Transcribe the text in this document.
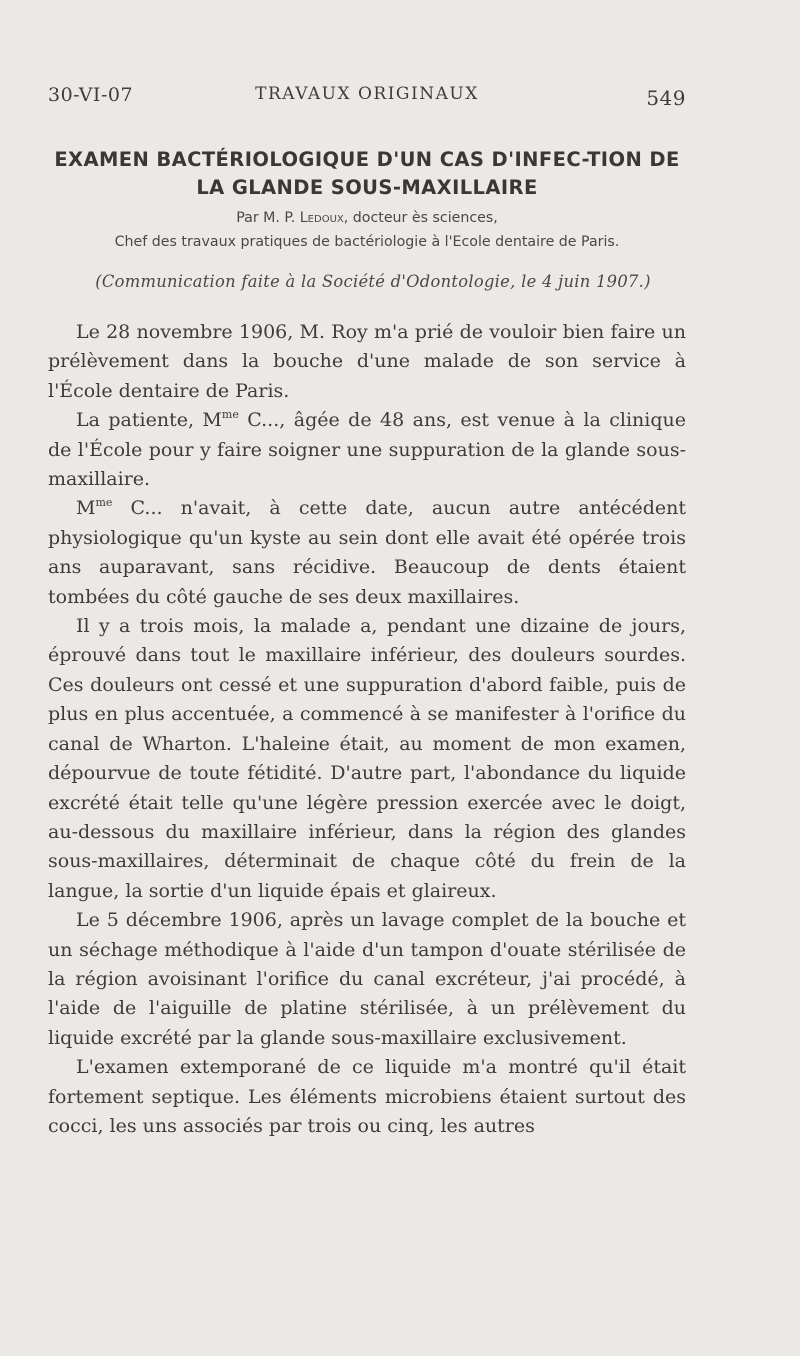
30-VI-07	TRAVAUX ORIGINAUX	549
EXAMEN BACTÉRIOLOGIQUE D'UN CAS D'INFEC-TION DE LA GLANDE SOUS-MAXILLAIRE
Par M. P. Ledoux, docteur ès sciences,
Chef des travaux pratiques de bactériologie à l'Ecole dentaire de Paris.
(Communication faite à la Société d'Odontologie, le 4 juin 1907.)

Le 28 novembre 1906, M. Roy m'a prié de vouloir bien faire un prélèvement dans la bouche d'une malade de son service à l'École dentaire de Paris.

La patiente, $M^{me}$ C..., âgée de 48 ans, est venue à la clinique de l'École pour y faire soigner une suppuration de la glande sous-maxillaire.

$M^{me}$ C... n'avait, à cette date, aucun autre antécédent physiologique qu'un kyste au sein dont elle avait été opérée trois ans auparavant, sans récidive. Beaucoup de dents étaient tombées du côté gauche de ses deux maxillaires.

Il y a trois mois, la malade a, pendant une dizaine de jours, éprouvé dans tout le maxillaire inférieur, des douleurs sourdes. Ces douleurs ont cessé et une suppuration d'abord faible, puis de plus en plus accentuée, a commencé à se manifester à l'orifice du canal de Wharton. L'haleine était, au moment de mon examen, dépourvue de toute fétidité. D'autre part, l'abondance du liquide excrété était telle qu'une légère pression exercée avec le doigt, au-dessous du maxillaire inférieur, dans la région des glandes sous-maxillaires, déterminait de chaque côté du frein de la langue, la sortie d'un liquide épais et glaireux.

Le 5 décembre 1906, après un lavage complet de la bouche et un séchage méthodique à l'aide d'un tampon d'ouate stérilisée de la région avoisinant l'orifice du canal excréteur, j'ai procédé, à l'aide de l'aiguille de platine stérilisée, à un prélèvement du liquide excrété par la glande sous-maxillaire exclusivement.

L'examen extemporané de ce liquide m'a montré qu'il était fortement septique. Les éléments microbiens étaient surtout des cocci, les uns associés par trois ou cinq, les autres
